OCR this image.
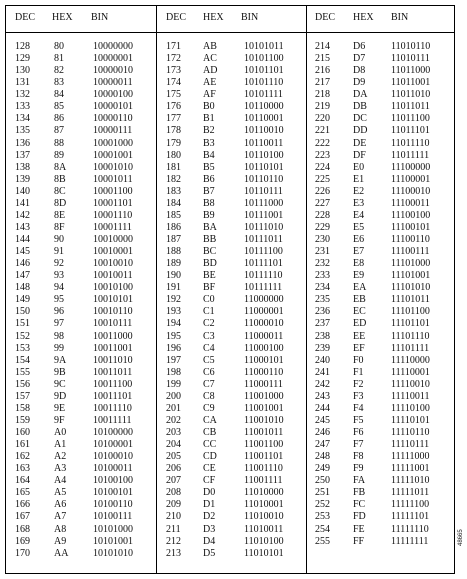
DEC HEX BIN	DEC HEX BIN	DEC HEX BIN
128 80	10000000
129 81	10000001
130 82	10000010
131 83	10000011
132 84	10000100
133 85	10000101
134 86	10000110
135 87	10000111
136 88	10001000
137 89	10001001
138 8A	10001010
139 8B	10001011
140 8C	10001100
141 8D	10001101
142 8E	10001110
143 8F	10001111
144 90	10010000
145 91	10010001
146 92	10010010
147 93	10010011
148 94	10010100
149 95	10010101
150 96	10010110
151 97	10010111
152 98	10011000
153 99	10011001
154 9A	10011010
155 9B	10011011
156 9C	10011100
157 9D	10011101
158 9E	10011110
159 9F	10011111
160 A0	10100000
161 A1	10100001
162 A2	10100010
163 A3	10100011
164 A4	10100100
165 A5	10100101
166 A6	10100110
167 A7	10100111
168 A8	10101000
169 A9	10101001
170 AA 10101010
171 AB	10101011
172 AC	10101100
173 AD	10101101
174 AE	10101110
175 AF	10101111
176 B0	10110000
177 B1	10110001
178 B2	10110010
179 B3	10110011
180 B4	10110100
181 B5	10110101
182 B6	10110110
183 B7	10110111
184 B8	10111000
185 B9	10111001
186 BA	10111010
187 BB	10111011
188 BC	10111100
189 BD	10111101
190 BE	10111110
191 BF	10111111
192 C0	11000000
193 C1	11000001
194 C2	11000010
195 C3	11000011
196 C4	11000100
197 C5	11000101
198 C6	11000110
199 C7	11000111
200 C8	11001000
201 C9	11001001
202 CA	11001010
203 CB	11001011
204 CC	11001100
205 CD	11001101
206 CE	11001110
207 CF	11001111
208 D0	11010000
209 D1	11010001
210 D2	11010010
211 D3	11010011
212 D4	11010100
213 D5	11010101
214 D6	11010110
215 D7	11010111
216 D8	11011000
217 D9	11011001
218 DA 11011010
219 DB 11011011
220 DC 11011100
221 DD 11011101
222 DE 11011110
223 DF	11011111
224 E0	11100000
225 E1	11100001
226 E2	11100010
227 E3	11100011
228 E4	11100100
229 E5	11100101
230 E6	11100110
231 E7	11100111
232 E8	11101000
233 E9	11101001
234 EA 11101010
235 EB	11101011
236 EC	11101100
237 ED 11101101
238 EE	11101110
239 EF	11101111
240 F0	11110000
241 F1	11110001
242 F2	11110010
243 F3	11110011
244 F4	11110100
245 F5	11110101
246 F6	11110110
247 F7	11110111
248 F8	11111000
249 F9	11111001
250 FA	11111010
251 FB	11111011
252 FC	11111100
253 FD	11111101
254 FE	11111110
255 FF	11111111	48665
